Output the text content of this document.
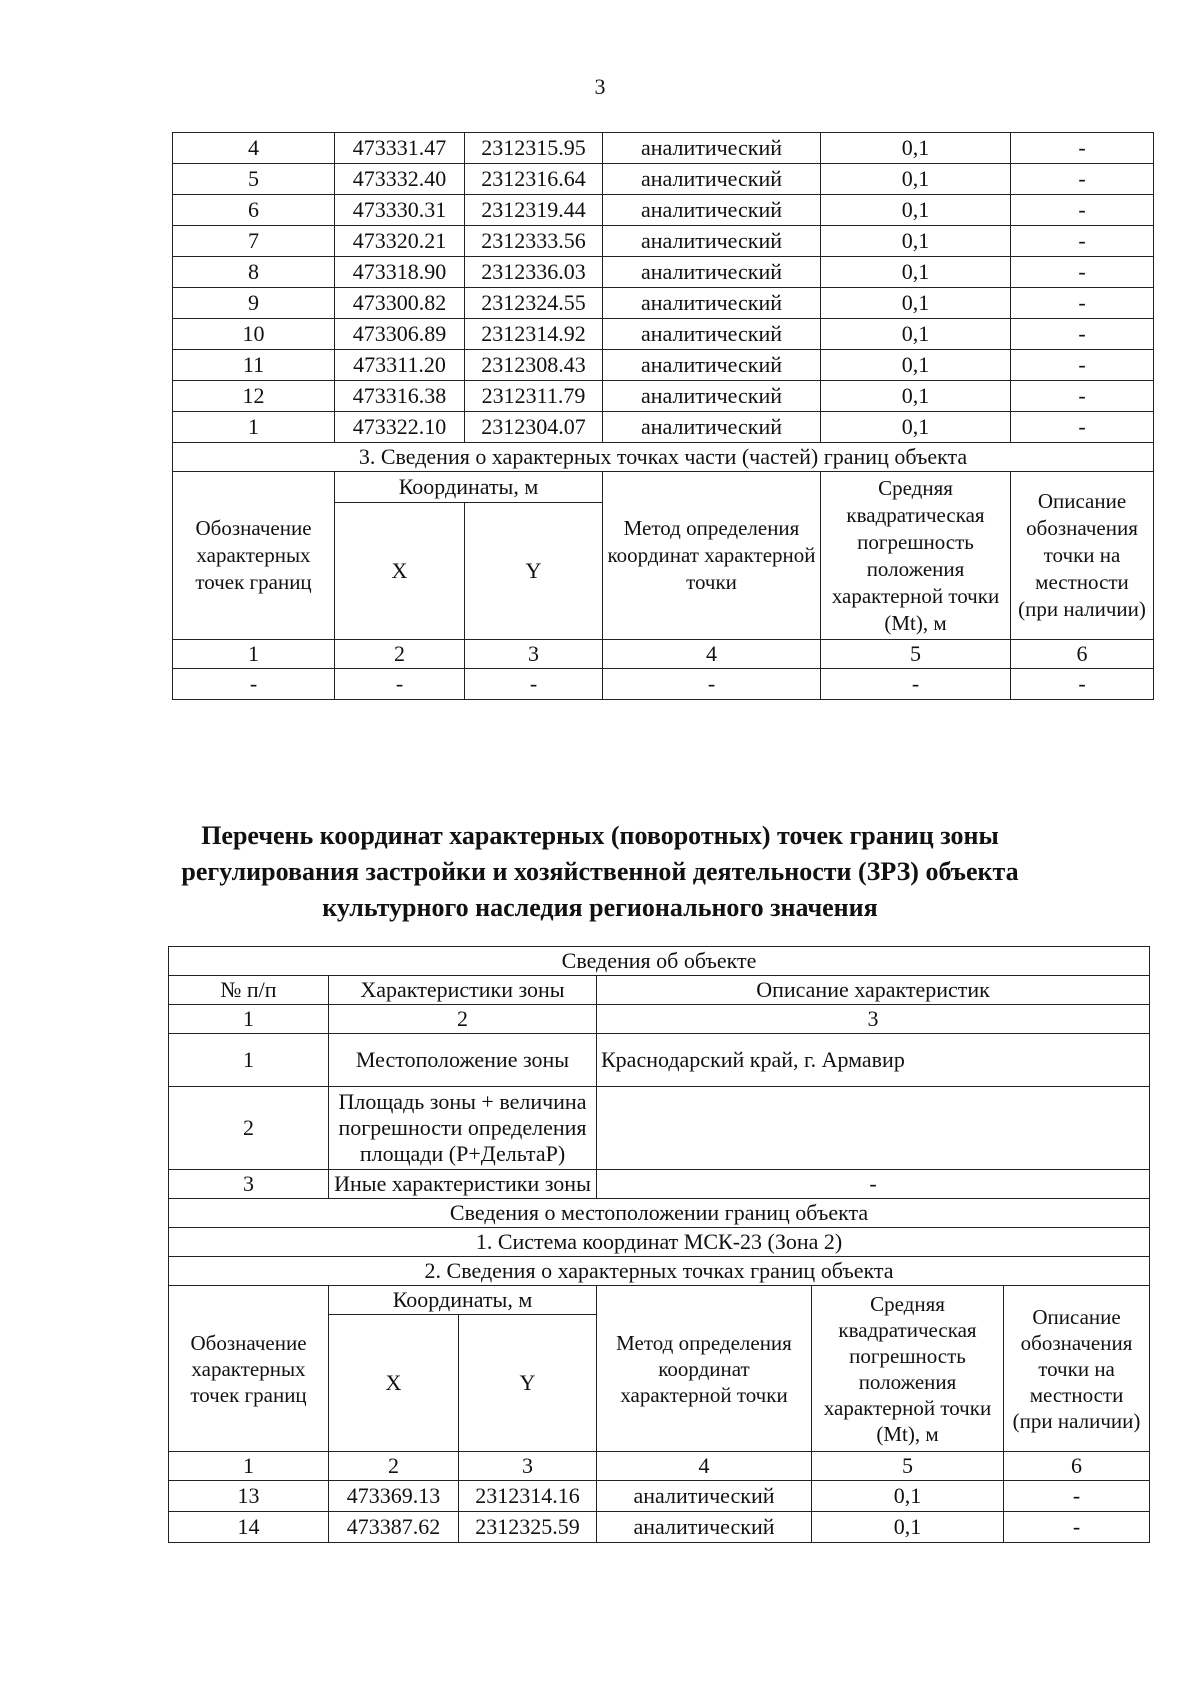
3
4	473331.47	2312315.95	аналитический	0,1	-
5	473332.40	2312316.64	аналитический	0,1	-
6	473330.31	2312319.44	аналитический	0,1	-
7	473320.21	2312333.56	аналитический	0,1	-
8	473318.90	2312336.03	аналитический	0,1	-
9	473300.82	2312324.55	аналитический	0,1	-
10	473306.89	2312314.92	аналитический	0,1	-
11	473311.20	2312308.43	аналитический	0,1	-
12	473316.38	2312311.79	аналитический	0,1	-
1	473322.10	2312304.07	аналитический	0,1	-
3. Сведения о характерных точках части (частей) границ объекта					
Обозначение характерных точек границ	Координаты, м		Метод определения координат характерной точки	Средняя квадратическая погрешность положения характерной точки (Mt), м	Описание обозначения точки на местности (при наличии)
	X	Y			
1	2	3	4	5	6
-	-	-	-	-	-
Перечень координат характерных (поворотных) точек границ зоны регулирования застройки и хозяйственной деятельности (ЗРЗ) объекта культурного наследия регионального значения
Сведения об объекте					
№ п/п	Характеристики зоны		Описание характеристик		
1	2		3		
1	Местоположение зоны		Краснодарский край, г. Армавир		
2	Площадь зоны + величина погрешности определения площади (P+ДельтаP)				
3	Иные характеристики зоны		-		
Сведения о местоположении границ объекта					
1. Система координат МСК-23 (Зона 2)					
2. Сведения о характерных точках границ объекта					
Обозначение характерных точек границ	Координаты, м		Метод определения координат характерной точки	Средняя квадратическая погрешность положения характерной точки (Mt), м	Описание обозначения точки на местности (при наличии)
	X	Y			
1	2	3	4	5	6
13	473369.13	2312314.16	аналитический	0,1	-
14	473387.62	2312325.59	аналитический	0,1	-
